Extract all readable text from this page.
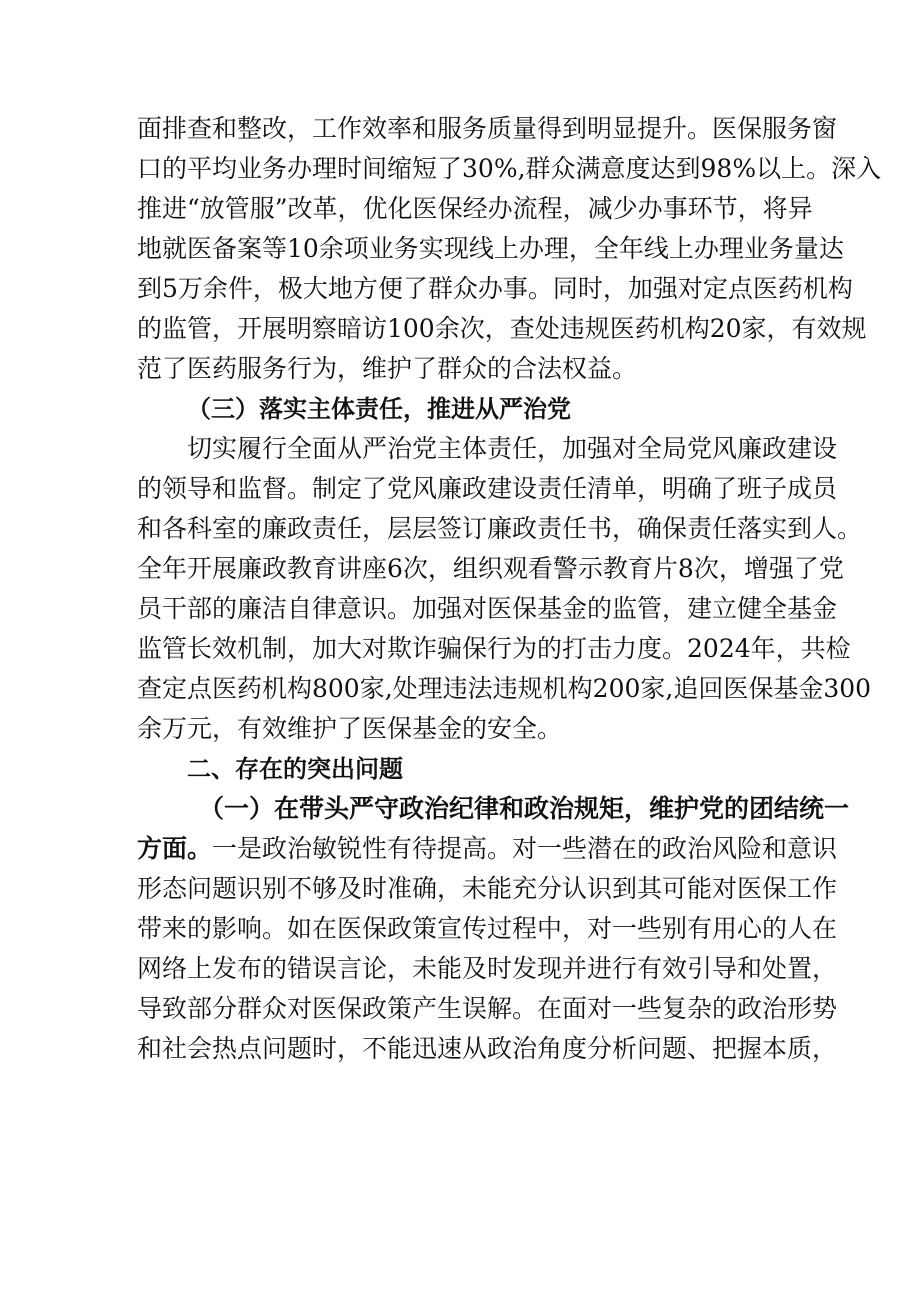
面排查和整改，工作效率和服务质量得到明显提升。医保服务窗
口的平均业务办理时间缩短了30%,群众满意度达到98%以上。深入
推进“放管服”改革，优化医保经办流程，减少办事环节，将异
地就医备案等10余项业务实现线上办理，全年线上办理业务量达
到5万余件，极大地方便了群众办事。同时，加强对定点医药机构
的监管，开展明察暗访100余次，查处违规医药机构20家，有效规
范了医药服务行为，维护了群众的合法权益。
（三）落实主体责任，推进从严治党
切实履行全面从严治党主体责任，加强对全局党风廉政建设
的领导和监督。制定了党风廉政建设责任清单，明确了班子成员
和各科室的廉政责任，层层签订廉政责任书，确保责任落实到人。
全年开展廉政教育讲座6次，组织观看警示教育片8次，增强了党
员干部的廉洁自律意识。加强对医保基金的监管，建立健全基金
监管长效机制，加大对欺诈骗保行为的打击力度。2024年，共检
查定点医药机构800家,处理违法违规机构200家,追回医保基金300
余万元，有效维护了医保基金的安全。
二、存在的突出问题
（一）在带头严守政治纪律和政治规矩，维护党的团结统一
方面。一是政治敏锐性有待提高。对一些潜在的政治风险和意识
形态问题识别不够及时准确，未能充分认识到其可能对医保工作
带来的影响。如在医保政策宣传过程中，对一些别有用心的人在
网络上发布的错误言论，未能及时发现并进行有效引导和处置，
导致部分群众对医保政策产生误解。在面对一些复杂的政治形势
和社会热点问题时，不能迅速从政治角度分析问题、把握本质，
